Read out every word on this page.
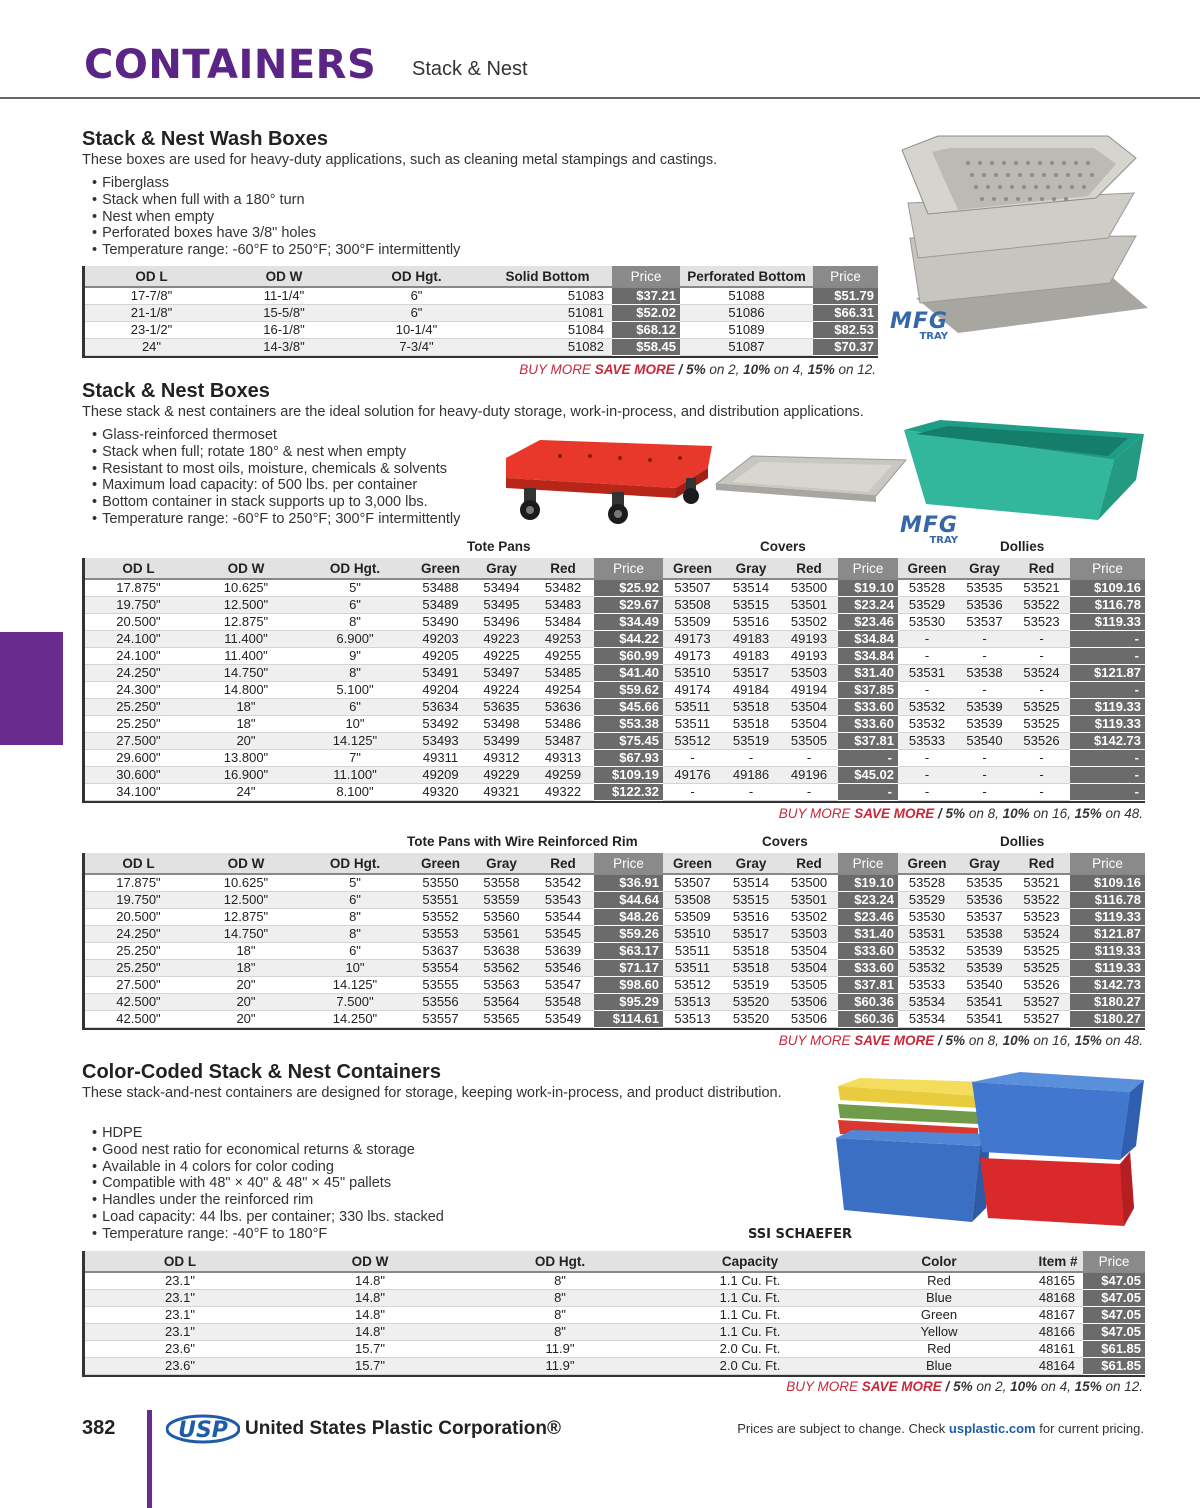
CONTAINERS Stack & Nest
Stack & Nest Wash Boxes
These boxes are used for heavy-duty applications, such as cleaning metal stampings and castings.
• Fiberglass
• Stack when full with a 180° turn
• Nest when empty
• Perforated boxes have 3/8" holes
• Temperature range: -60°F to 250°F; 300°F intermittently
MFG
TRAY
OD L	OD W	OD Hgt.	Solid Bottom	Price	Perforated Bottom	Price
17-7/8"	11-1/4"	6"	51083	$37.21	51088	$51.79
21-1/8"	15-5/8"	6"	51081	$52.02	51086	$66.31
23-1/2"	16-1/8"	10-1/4"	51084	$68.12	51089	$82.53
24"	14-3/8"	7-3/4"	51082	$58.45	51087	$70.37
BUY MORE SAVE MORE / 5% on 2, 10% on 4, 15% on 12.
Stack & Nest Boxes
These stack & nest containers are the ideal solution for heavy-duty storage, work-in-process, and distribution applications.
• Glass-reinforced thermoset
• Stack when full; rotate 180° & nest when empty
• Resistant to most oils, moisture, chemicals & solvents
• Maximum load capacity: of 500 lbs. per container
• Bottom container in stack supports up to 3,000 lbs.
• Temperature range: -60°F to 250°F; 300°F intermittently	MFG
TRAY
Tote Pans	Covers	Dollies
OD L	OD W	OD Hgt.	Green	Gray	Red	Price	Green	Gray	Red	Price	Green	Gray	Red	Price
17.875"	10.625"	5"	53488	53494	53482	$25.92	53507	53514	53500	$19.10	53528	53535	53521	$109.16
19.750"	12.500"	6"	53489	53495	53483	$29.67	53508	53515	53501	$23.24	53529	53536	53522	$116.78
20.500"	12.875"	8"	53490	53496	53484	$34.49	53509	53516	53502	$23.46	53530	53537	53523	$119.33
24.100"	11.400"	6.900"	49203	49223	49253	$44.22	49173	49183	49193	$34.84	-	-	-	-
24.100"	11.400"	9"	49205	49225	49255	$60.99	49173	49183	49193	$34.84	-	-	-	-
24.250"	14.750"	8"	53491	53497	53485	$41.40	53510	53517	53503	$31.40	53531	53538	53524	$121.87
24.300"	14.800"	5.100"	49204	49224	49254	$59.62	49174	49184	49194	$37.85	-	-	-	-
25.250"	18"	6"	53634	53635	53636	$45.66	53511	53518	53504	$33.60	53532	53539	53525	$119.33
25.250"	18"	10"	53492	53498	53486	$53.38	53511	53518	53504	$33.60	53532	53539	53525	$119.33
27.500"	20"	14.125"	53493	53499	53487	$75.45	53512	53519	53505	$37.81	53533	53540	53526	$142.73
29.600"	13.800"	7"	49311	49312	49313	$67.93	-	-	-	-	-	-	-	-
30.600"	16.900"	11.100"	49209	49229	49259	$109.19	49176	49186	49196	$45.02	-	-	-	-
34.100"	24"	8.100"	49320	49321	49322	$122.32	-	-	-	-	-	-	-	-
BUY MORE SAVE MORE / 5% on 8, 10% on 16, 15% on 48.
Tote Pans with Wire Reinforced Rim	Covers	Dollies
OD L	OD W	OD Hgt.	Green	Gray	Red	Price	Green	Gray	Red	Price	Green	Gray	Red	Price
17.875"	10.625"	5"	53550	53558	53542	$36.91	53507	53514	53500	$19.10	53528	53535	53521	$109.16
19.750"	12.500"	6"	53551	53559	53543	$44.64	53508	53515	53501	$23.24	53529	53536	53522	$116.78
20.500"	12.875"	8"	53552	53560	53544	$48.26	53509	53516	53502	$23.46	53530	53537	53523	$119.33
24.250"	14.750"	8"	53553	53561	53545	$59.26	53510	53517	53503	$31.40	53531	53538	53524	$121.87
25.250"	18"	6"	53637	53638	53639	$63.17	53511	53518	53504	$33.60	53532	53539	53525	$119.33
25.250"	18"	10"	53554	53562	53546	$71.17	53511	53518	53504	$33.60	53532	53539	53525	$119.33
27.500"	20"	14.125"	53555	53563	53547	$98.60	53512	53519	53505	$37.81	53533	53540	53526	$142.73
42.500"	20"	7.500"	53556	53564	53548	$95.29	53513	53520	53506	$60.36	53534	53541	53527	$180.27
42.500"	20"	14.250"	53557	53565	53549	$114.61	53513	53520	53506	$60.36	53534	53541	53527	$180.27
BUY MORE SAVE MORE / 5% on 8, 10% on 16, 15% on 48.
Color-Coded Stack & Nest Containers
These stack-and-nest containers are designed for storage, keeping work-in-process, and product distribution.
• HDPE
• Good nest ratio for economical returns & storage
• Available in 4 colors for color coding
• Compatible with 48" × 40" & 48" × 45" pallets
• Handles under the reinforced rim
• Load capacity: 44 lbs. per container; 330 lbs. stacked
• Temperature range: -40°F to 180°F	SSI SCHAEFER
OD L	OD W	OD Hgt.	Capacity	Color	Item #	Price
23.1"	14.8"	8"	1.1 Cu. Ft.	Red	48165	$47.05
23.1"	14.8"	8"	1.1 Cu. Ft.	Blue	48168	$47.05
23.1"	14.8"	8"	1.1 Cu. Ft.	Green	48167	$47.05
23.1"	14.8"	8"	1.1 Cu. Ft.	Yellow	48166	$47.05
23.6"	15.7"	11.9"	2.0 Cu. Ft.	Red	48161	$61.85
23.6"	15.7"	11.9"	2.0 Cu. Ft.	Blue	48164	$61.85
BUY MORE SAVE MORE / 5% on 2, 10% on 4, 15% on 12.
382	USP United States Plastic Corporation®	Prices are subject to change. Check usplastic.com for current pricing.
